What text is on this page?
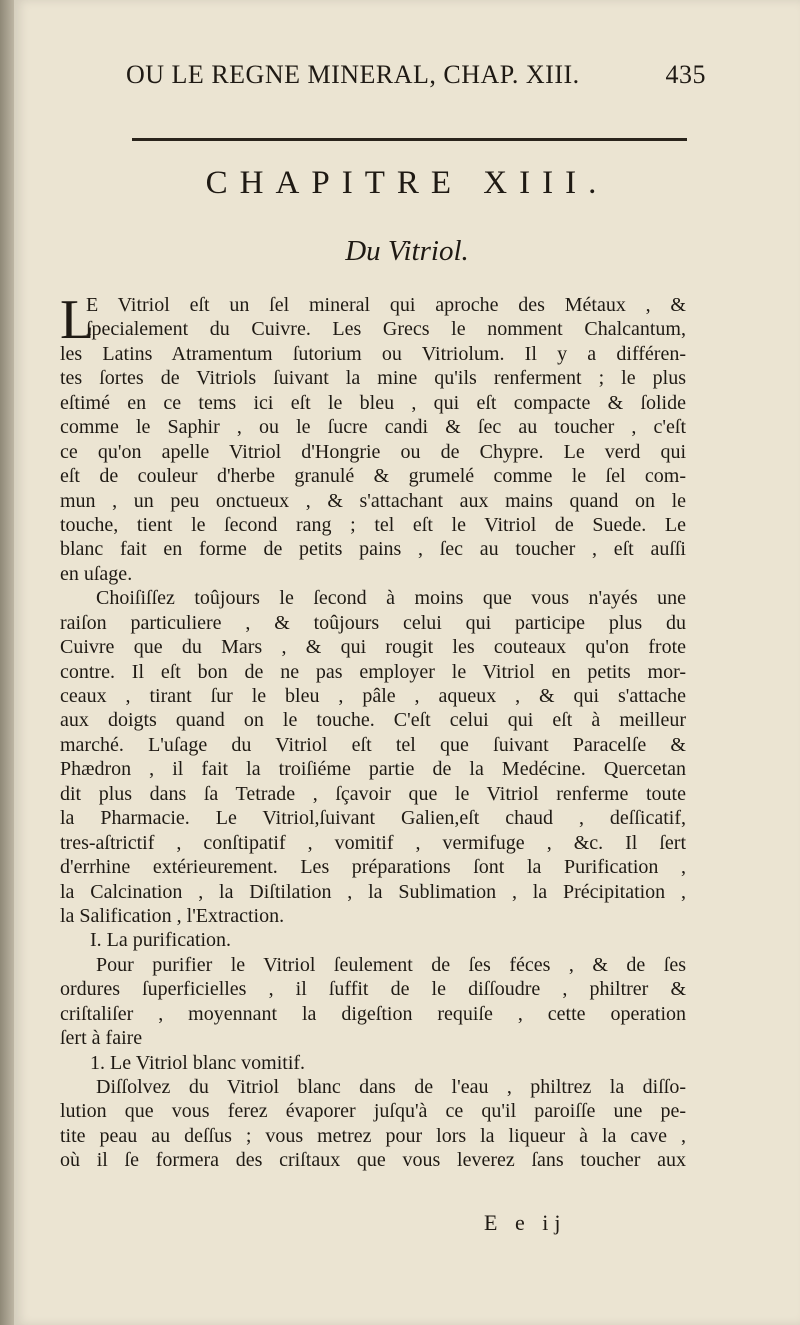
OU LE REGNE MINERAL, CHAP. XIII.	435
CHAPITRE XIII.
Du Vitriol.
L
E Vitriol eſt un ſel mineral qui aproche des Métaux , &
ſpecialement du Cuivre. Les Grecs le nomment Chalcantum,
les Latins Atramentum ſutorium ou Vitriolum. Il y a différen-
tes ſortes de Vitriols ſuivant la mine qu'ils renferment ; le plus
eſtimé en ce tems ici eſt le bleu , qui eſt compacte & ſolide
comme le Saphir , ou le ſucre candi & ſec au toucher , c'eſt
ce qu'on apelle Vitriol d'Hongrie ou de Chypre. Le verd qui
eſt de couleur d'herbe granulé & grumelé comme le ſel com-
mun , un peu onctueux , & s'attachant aux mains quand on le
touche, tient le ſecond rang ; tel eſt le Vitriol de Suede. Le
blanc fait en forme de petits pains , ſec au toucher , eſt auſſi
en uſage.
Choiſiſſez toûjours le ſecond à moins que vous n'ayés une
raiſon particuliere , & toûjours celui qui participe plus du
Cuivre que du Mars , & qui rougit les couteaux qu'on frote
contre. Il eſt bon de ne pas employer le Vitriol en petits mor-
ceaux , tirant ſur le bleu , pâle , aqueux , & qui s'attache
aux doigts quand on le touche. C'eſt celui qui eſt à meilleur
marché. L'uſage du Vitriol eſt tel que ſuivant Paracelſe &
Phædron , il fait la troiſiéme partie de la Medécine. Quercetan
dit plus dans ſa Tetrade , ſçavoir que le Vitriol renferme toute
la Pharmacie. Le Vitriol,ſuivant Galien,eſt chaud , deſſicatif,
tres-aſtrictif , conſtipatif , vomitif , vermifuge , &c. Il ſert
d'errhine extérieurement. Les préparations ſont la Purification ,
la Calcination , la Diſtilation , la Sublimation , la Précipitation ,
la Salification , l'Extraction.
I. La purification.
Pour purifier le Vitriol ſeulement de ſes féces , & de ſes
ordures ſuperficielles , il ſuffit de le diſſoudre , philtrer &
criſtaliſer , moyennant la digeſtion requiſe , cette operation
ſert à faire
1. Le Vitriol blanc vomitif.
Diſſolvez du Vitriol blanc dans de l'eau , philtrez la diſſo-
lution que vous ferez évaporer juſqu'à ce qu'il paroiſſe une pe-
tite peau au deſſus ; vous metrez pour lors la liqueur à la cave ,
où il ſe formera des criſtaux que vous leverez ſans toucher aux
E e ij
